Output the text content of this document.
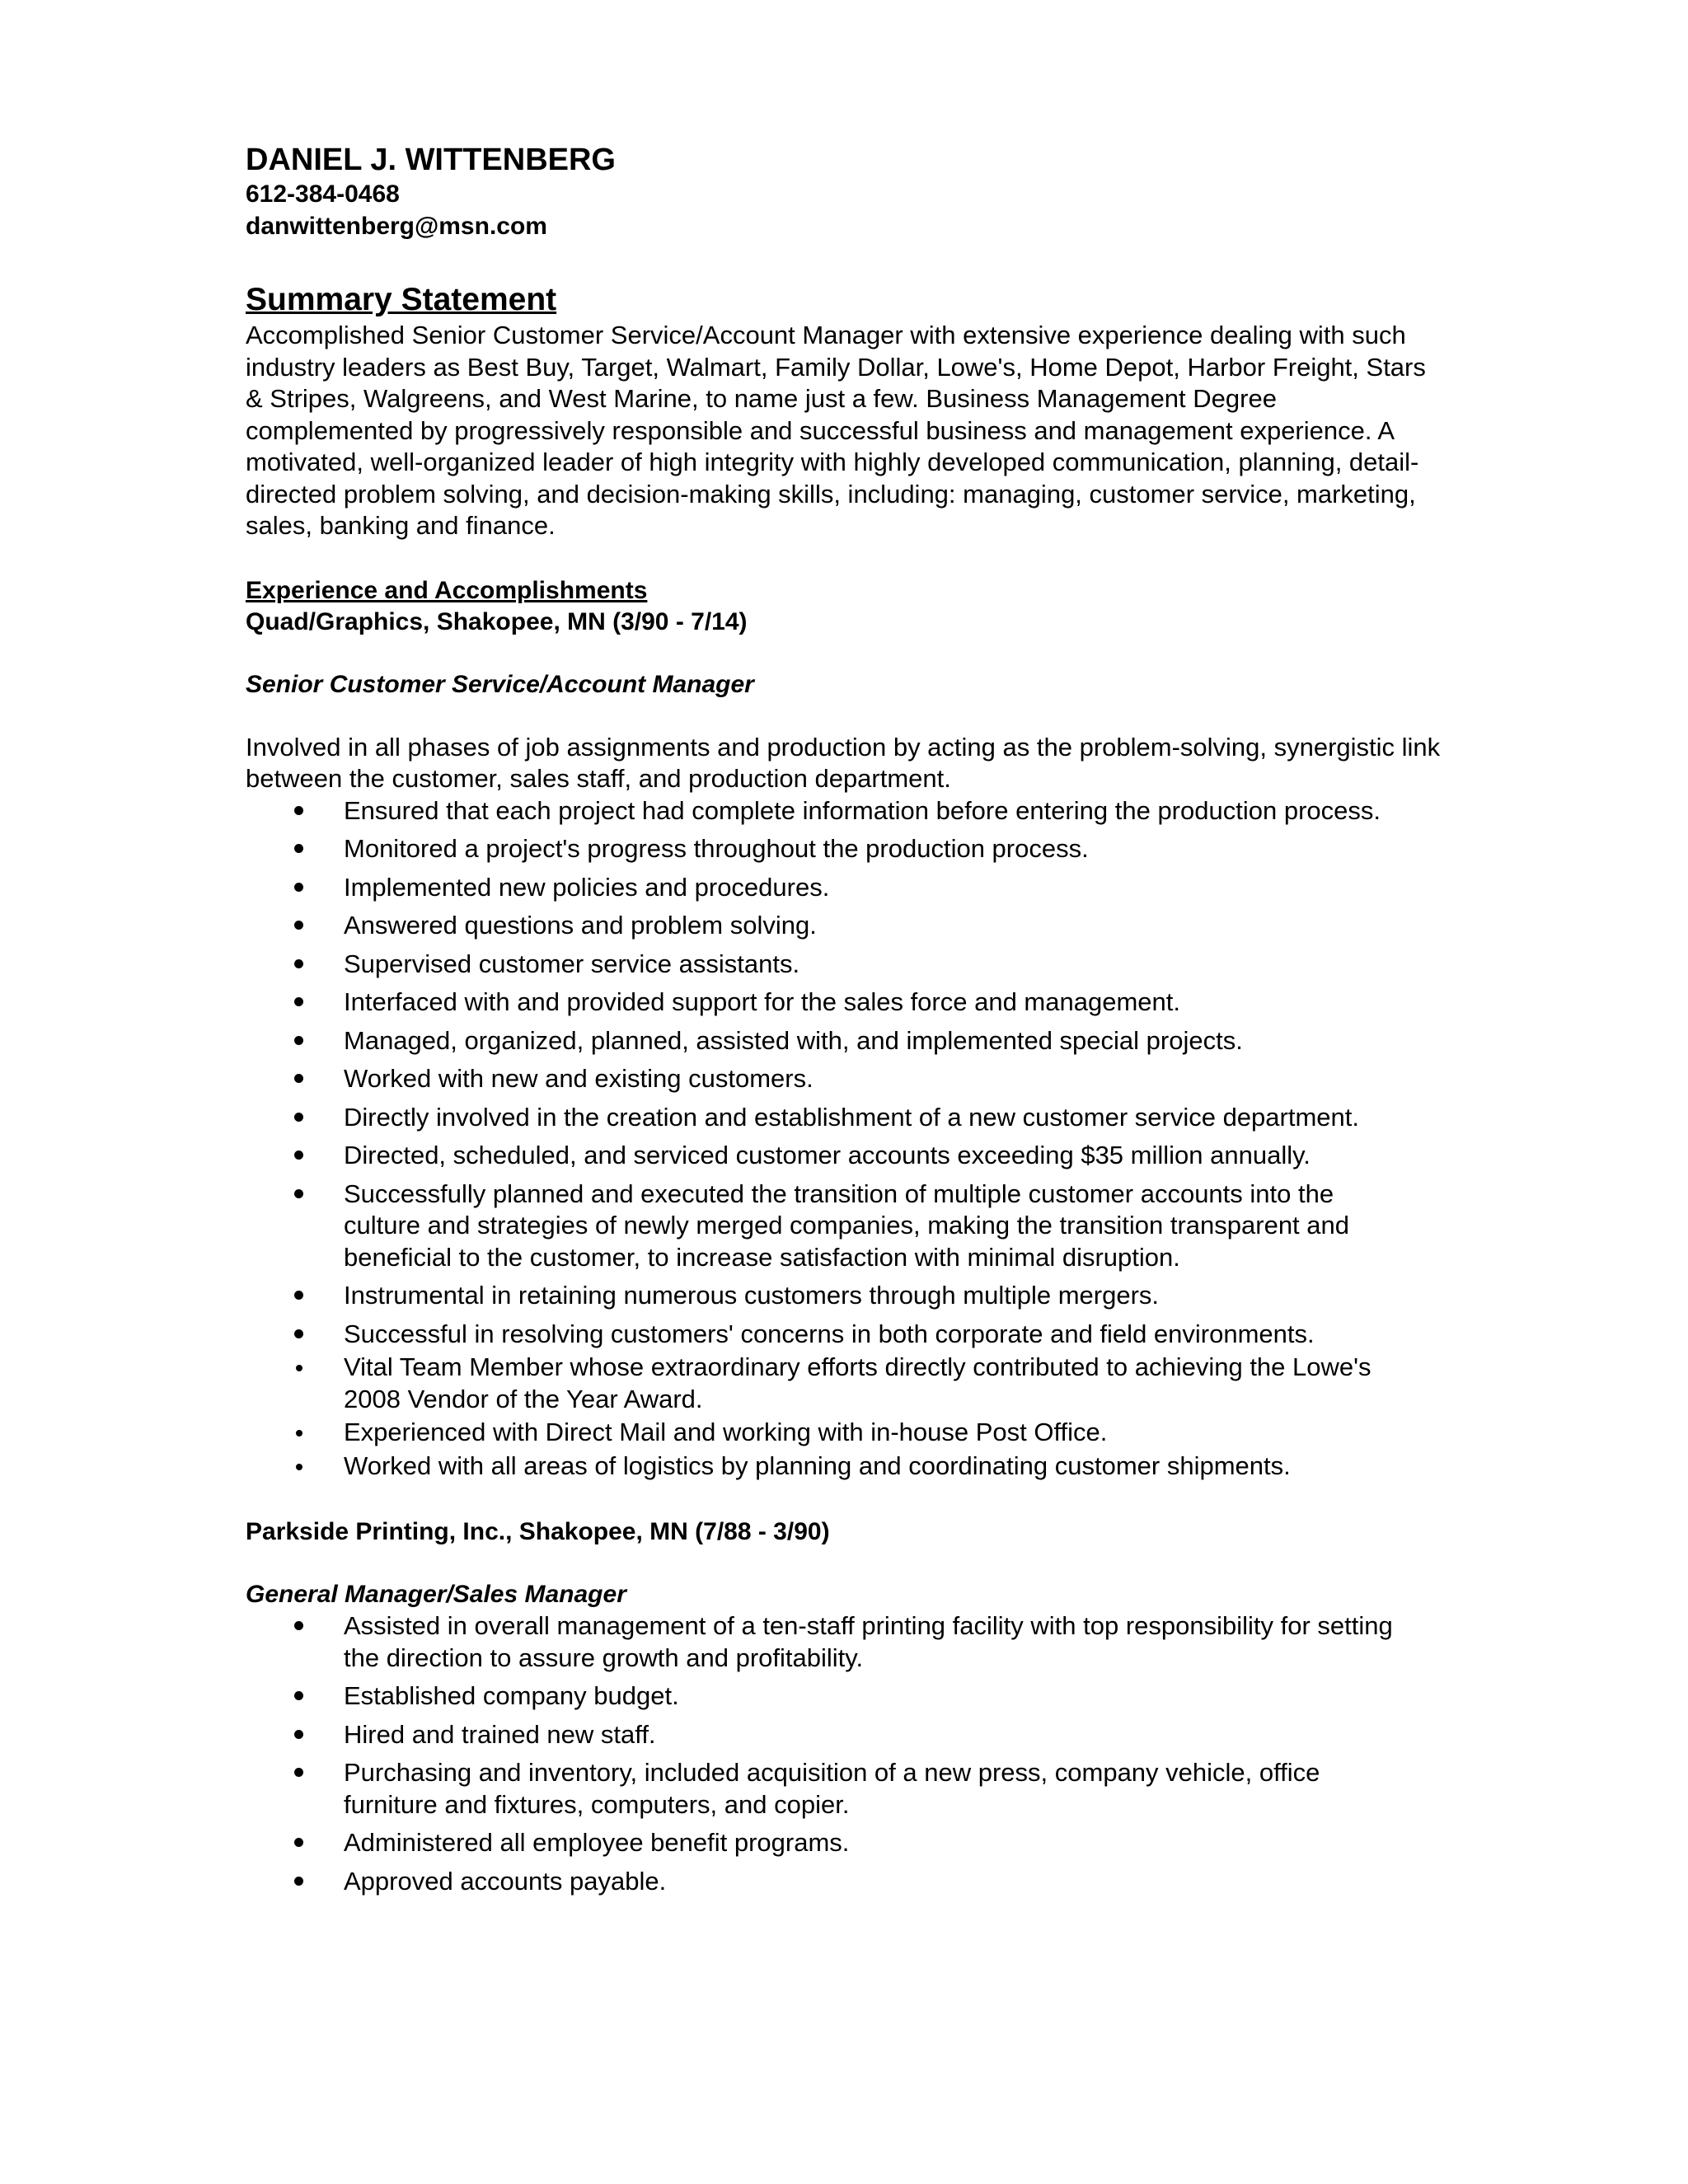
DANIEL J. WITTENBERG
612-384-0468
danwittenberg@msn.com
Summary Statement

Accomplished Senior Customer Service/Account Manager with extensive experience dealing with such industry leaders as Best Buy, Target, Walmart, Family Dollar, Lowe's, Home Depot, Harbor Freight, Stars & Stripes, Walgreens, and West Marine, to name just a few. Business Management Degree complemented by progressively responsible and successful business and management experience. A motivated, well-organized leader of high integrity with highly developed communication, planning, detail-directed problem solving, and decision-making skills, including: managing, customer service, marketing, sales, banking and finance.

Experience and Accomplishments
Quad/Graphics, Shakopee, MN (3/90 - 7/14)
Senior Customer Service/Account Manager

Involved in all phases of job assignments and production by acting as the problem-solving, synergistic link between the customer, sales staff, and production department.

Ensured that each project had complete information before entering the production process.
Monitored a project's progress throughout the production process.
Implemented new policies and procedures.
Answered questions and problem solving.
Supervised customer service assistants.
Interfaced with and provided support for the sales force and management.
Managed, organized, planned, assisted with, and implemented special projects.
Worked with new and existing customers.
Directly involved in the creation and establishment of a new customer service department.
Directed, scheduled, and serviced customer accounts exceeding $35 million annually.
Successfully planned and executed the transition of multiple customer accounts into the culture and strategies of newly merged companies, making the transition transparent and beneficial to the customer, to increase satisfaction with minimal disruption.
Instrumental in retaining numerous customers through multiple mergers.
Successful in resolving customers' concerns in both corporate and field environments.
Vital Team Member whose extraordinary efforts directly contributed to achieving the Lowe's 2008 Vendor of the Year Award.
Experienced with Direct Mail and working with in-house Post Office.
Worked with all areas of logistics by planning and coordinating customer shipments.
Parkside Printing, Inc., Shakopee, MN (7/88 - 3/90)
General Manager/Sales Manager
Assisted in overall management of a ten-staff printing facility with top responsibility for setting the direction to assure growth and profitability.
Established company budget.
Hired and trained new staff.
Purchasing and inventory, included acquisition of a new press, company vehicle, office furniture and fixtures, computers, and copier.
Administered all employee benefit programs.
Approved accounts payable.
